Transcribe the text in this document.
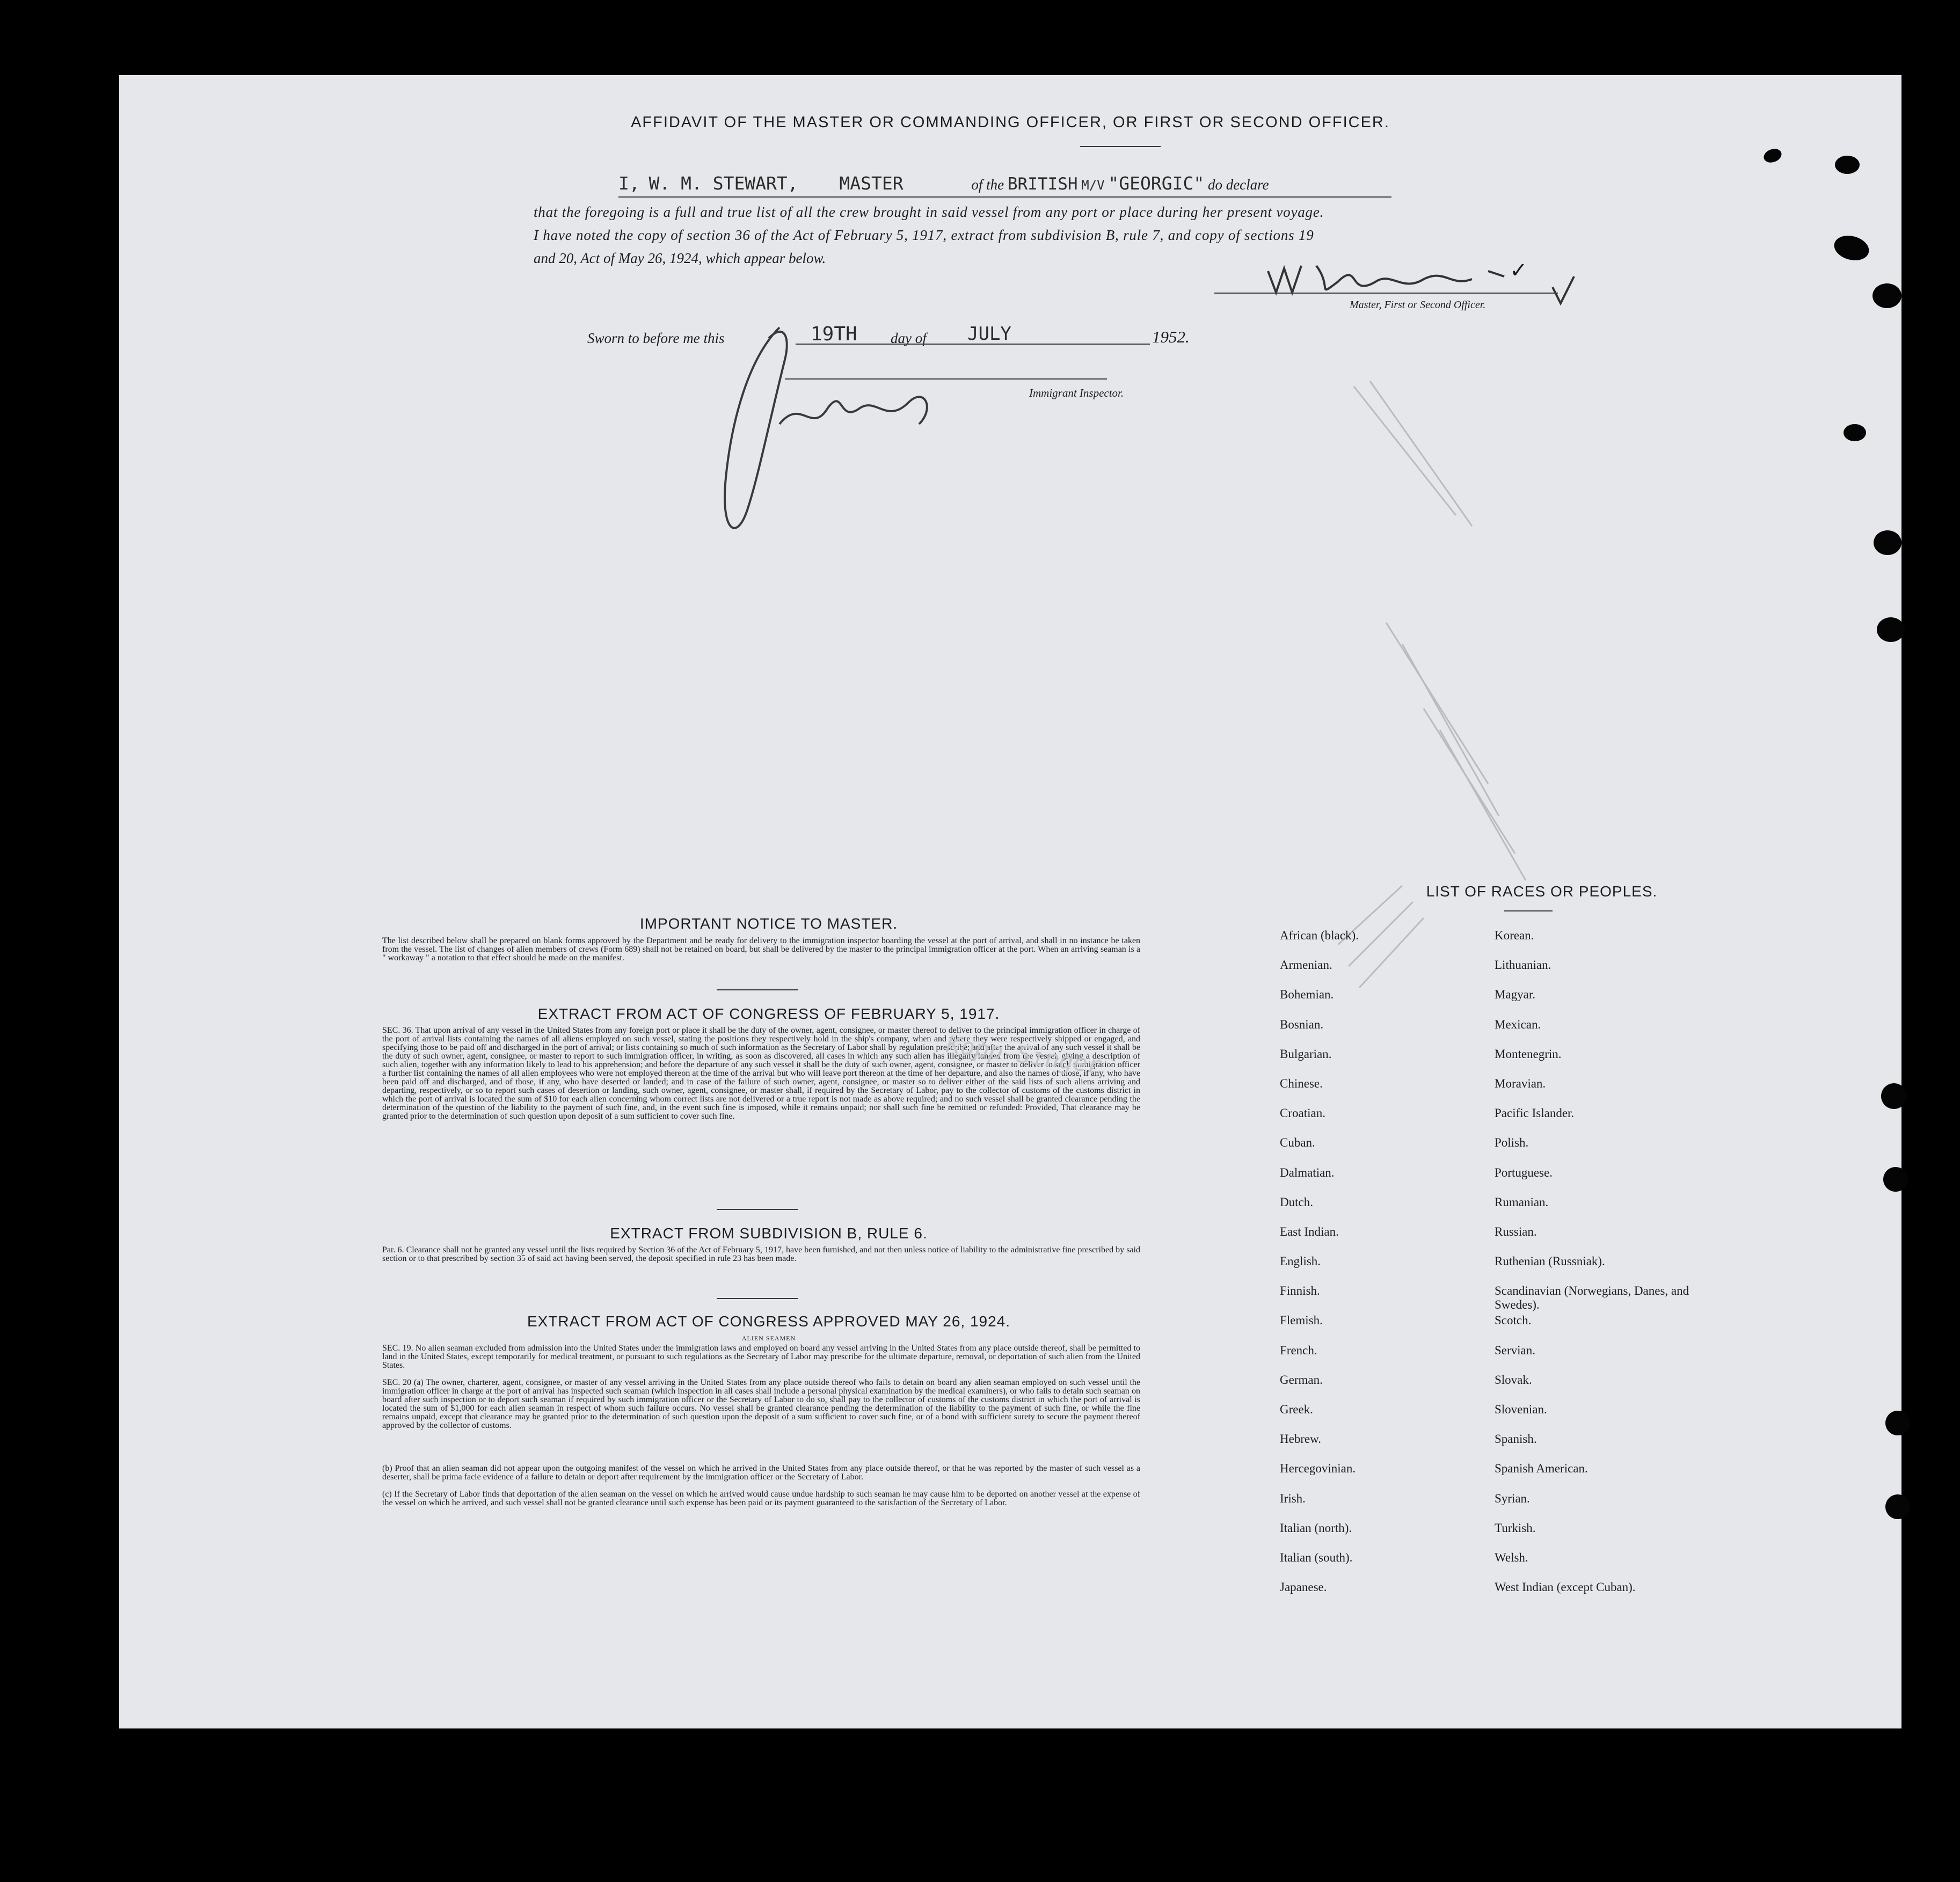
AFFIDAVIT OF THE MASTER OR COMMANDING OFFICER, OR FIRST OR SECOND OFFICER.
I, W. M. STEWART, MASTER	of the BRITISH M/V "GEORGIC" do declare
that the foregoing is a full and true list of all the crew brought in said vessel from any port or place during her present voyage.
I have noted the copy of section 36 of the Act of February 5, 1917, extract from subdivision B, rule 7, and copy of sections 19
and 20, Act of May 26, 1924, which appear below.	✓
Master, First or Second Officer.
Sworn to before me this	19TH day of JULY	1952.
Immigrant Inspector.
IMPORTANT NOTICE TO MASTER.
The list described below shall be prepared on blank forms approved by the Department and be ready for delivery to the immigration inspector boarding the vessel at the port of arrival, and shall in no instance be taken from the vessel. The list of changes of alien members of crews (Form 689) shall not be retained on board, but shall be delivered by the master to the principal immigration officer at the port. When an arriving seaman is a " workaway " a notation to that effect should be made on the manifest.
EXTRACT FROM ACT OF CONGRESS OF FEBRUARY 5, 1917.
SEC. 36. That upon arrival of any vessel in the United States from any foreign port or place it shall be the duty of the owner, agent, consignee, or master thereof to deliver to the principal immigration officer in charge of the port of arrival lists containing the names of all aliens employed on such vessel, stating the positions they respectively hold in the ship's company, when and where they were respectively shipped or engaged, and specifying those to be paid off and discharged in the port of arrival; or lists containing so much of such information as the Secretary of Labor shall by regulation prescribe; and after the arrival of any such vessel it shall be the duty of such owner, agent, consignee, or master to report to such immigration officer, in writing, as soon as discovered, all cases in which any such alien has illegally landed from the vessel, giving a description of such alien, together with any information likely to lead to his apprehension; and before the departure of any such vessel it shall be the duty of such owner, agent, consignee, or master to deliver to such immigration officer a further list containing the names of all alien employees who were not employed thereon at the time of the arrival but who will leave port thereon at the time of her departure, and also the names of those, if any, who have been paid off and discharged, and of those, if any, who have deserted or landed; and in case of the failure of such owner, agent, consignee, or master so to deliver either of the said lists of such aliens arriving and departing, respectively, or so to report such cases of desertion or landing, such owner, agent, consignee, or master shall, if required by the Secretary of Labor, pay to the collector of customs of the customs district in which the port of arrival is located the sum of $10 for each alien concerning whom correct lists are not delivered or a true report is not made as above required; and no such vessel shall be granted clearance pending the determination of the question of the liability to the payment of such fine, and, in the event such fine is imposed, while it remains unpaid; nor shall such fine be remitted or refunded: Provided, That clearance may be granted prior to the determination of such question upon deposit of a sum sufficient to cover such fine.
EXTRACT FROM SUBDIVISION B, RULE 6.
Par. 6. Clearance shall not be granted any vessel until the lists required by Section 36 of the Act of February 5, 1917, have been furnished, and not then unless notice of liability to the administrative fine prescribed by said section or to that prescribed by section 35 of said act having been served, the deposit specified in rule 23 has been made.
EXTRACT FROM ACT OF CONGRESS APPROVED MAY 26, 1924.
ALIEN SEAMEN
SEC. 19. No alien seaman excluded from admission into the United States under the immigration laws and employed on board any vessel arriving in the United States from any place outside thereof, shall be permitted to land in the United States, except temporarily for medical treatment, or pursuant to such regulations as the Secretary of Labor may prescribe for the ultimate departure, removal, or deportation of such alien from the United States.
SEC. 20 (a) The owner, charterer, agent, consignee, or master of any vessel arriving in the United States from any place outside thereof who fails to detain on board any alien seaman employed on such vessel until the immigration officer in charge at the port of arrival has inspected such seaman (which inspection in all cases shall include a personal physical examination by the medical examiners), or who fails to detain such seaman on board after such inspection or to deport such seaman if required by such immigration officer or the Secretary of Labor to do so, shall pay to the collector of customs of the customs district in which the port of arrival is located the sum of $1,000 for each alien seaman in respect of whom such failure occurs. No vessel shall be granted clearance pending the determination of the liability to the payment of such fine, or while the fine remains unpaid, except that clearance may be granted prior to the determination of such question upon the deposit of a sum sufficient to cover such fine, or of a bond with sufficient surety to secure the payment thereof approved by the collector of customs.
(b) Proof that an alien seaman did not appear upon the outgoing manifest of the vessel on which he arrived in the United States from any place outside thereof, or that he was reported by the master of such vessel as a deserter, shall be prima facie evidence of a failure to detain or deport after requirement by the immigration officer or the Secretary of Labor.
(c) If the Secretary of Labor finds that deportation of the alien seaman on the vessel on which he arrived would cause undue hardship to such seaman he may cause him to be deported on another vessel at the expense of the vessel on which he arrived, and such vessel shall not be granted clearance until such expense has been paid or its payment guaranteed to the satisfaction of the Secretary of Labor.
Kopp Singer
LIST OF RACES OR PEOPLES.
African (black).	Korean.
Armenian.	Lithuanian.
Bohemian.	Magyar.
Bosnian.	Mexican.
Bulgarian.	Montenegrin.
Chinese.	Moravian.
Croatian.	Pacific Islander.
Cuban.	Polish.
Dalmatian.	Portuguese.
Dutch.	Rumanian.
East Indian.	Russian.
English.	Ruthenian (Russniak).
Finnish.	Scandinavian (Norwegians, Danes, and Swedes).
Flemish.	Scotch.
French.	Servian.
German.	Slovak.
Greek.	Slovenian.
Hebrew.	Spanish.
Hercegovinian.	Spanish American.
Irish.	Syrian.
Italian (north).	Turkish.
Italian (south).	Welsh.
Japanese.	West Indian (except Cuban).
